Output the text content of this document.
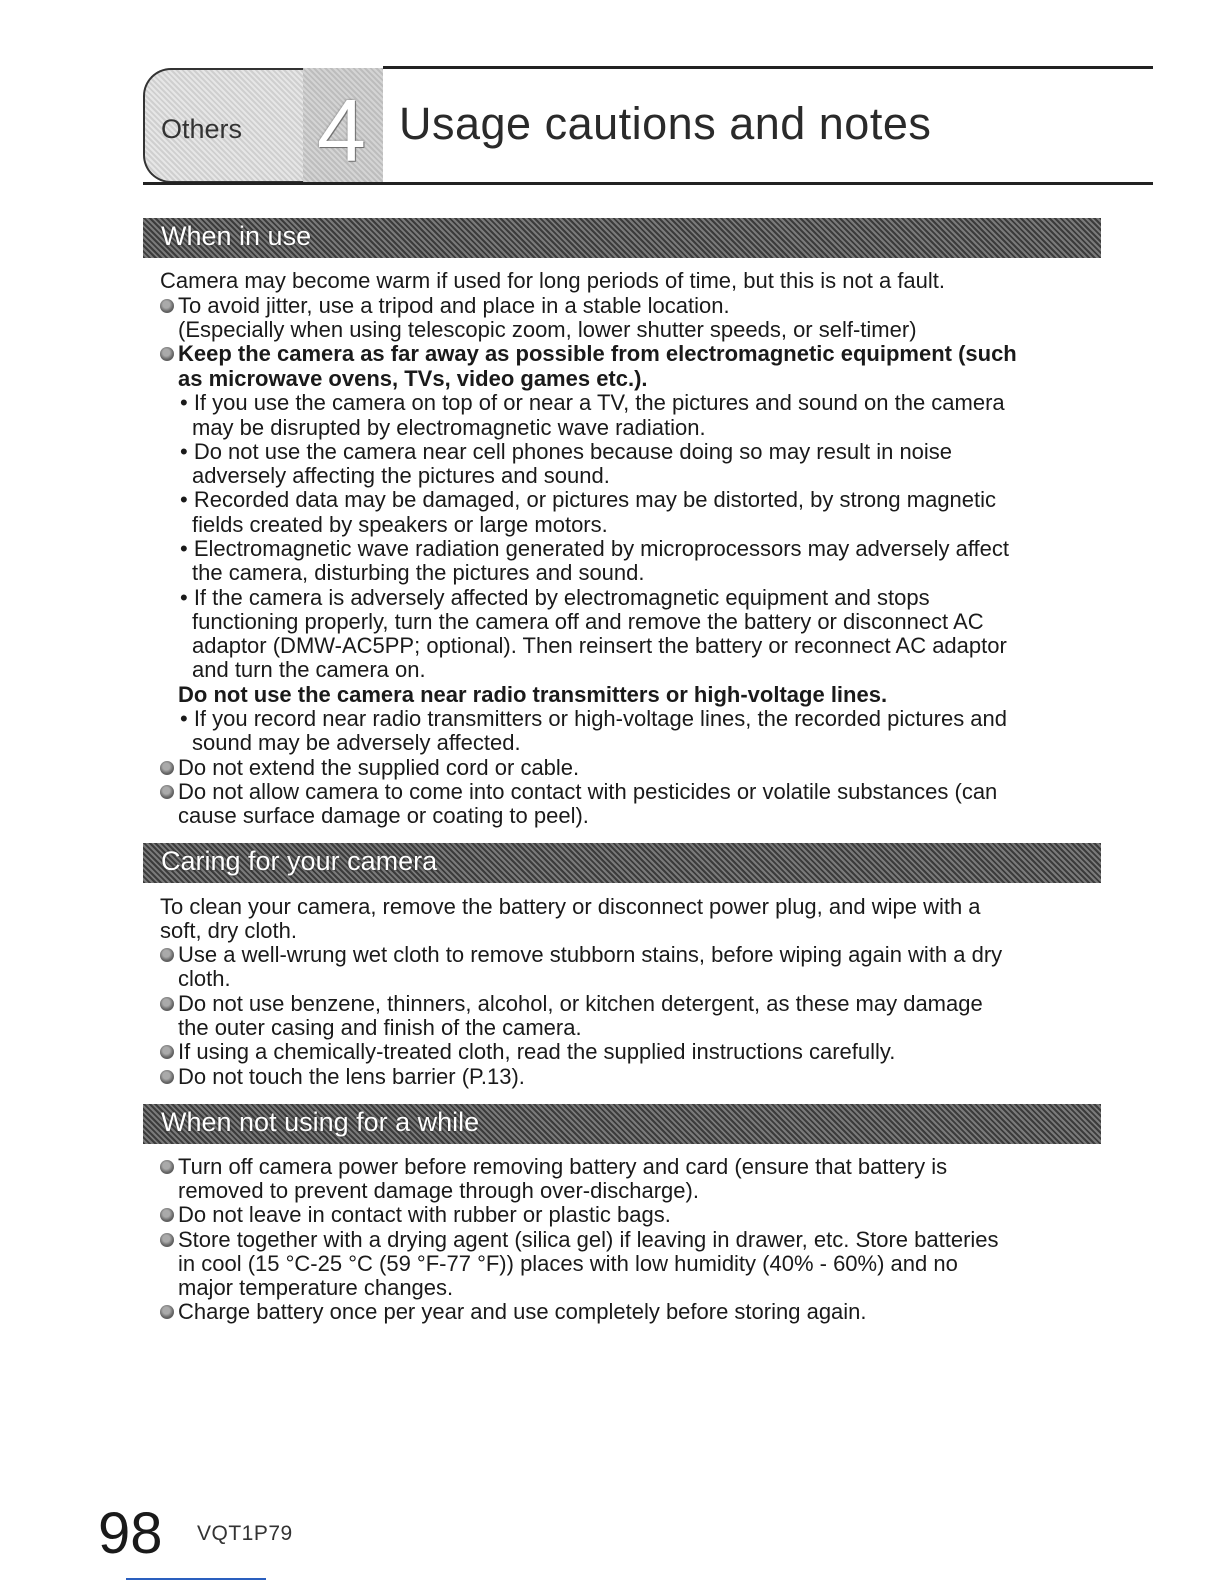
Others 4 Usage cautions and notes
When in use
Camera may become warm if used for long periods of time, but this is not a fault.
To avoid jitter, use a tripod and place in a stable location.
(Especially when using telescopic zoom, lower shutter speeds, or self-timer)
Keep the camera as far away as possible from electromagnetic equipment (such
as microwave ovens, TVs, video games etc.).
• If you use the camera on top of or near a TV, the pictures and sound on the camera
may be disrupted by electromagnetic wave radiation.
• Do not use the camera near cell phones because doing so may result in noise
adversely affecting the pictures and sound.
• Recorded data may be damaged, or pictures may be distorted, by strong magnetic
fields created by speakers or large motors.
• Electromagnetic wave radiation generated by microprocessors may adversely affect
the camera, disturbing the pictures and sound.
• If the camera is adversely affected by electromagnetic equipment and stops
functioning properly, turn the camera off and remove the battery or disconnect AC
adaptor (DMW-AC5PP; optional). Then reinsert the battery or reconnect AC adaptor
and turn the camera on.
Do not use the camera near radio transmitters or high-voltage lines.
• If you record near radio transmitters or high-voltage lines, the recorded pictures and
sound may be adversely affected.
Do not extend the supplied cord or cable.
Do not allow camera to come into contact with pesticides or volatile substances (can
cause surface damage or coating to peel).
Caring for your camera
To clean your camera, remove the battery or disconnect power plug, and wipe with a
soft, dry cloth.
Use a well-wrung wet cloth to remove stubborn stains, before wiping again with a dry
cloth.
Do not use benzene, thinners, alcohol, or kitchen detergent, as these may damage
the outer casing and finish of the camera.
If using a chemically-treated cloth, read the supplied instructions carefully.
Do not touch the lens barrier (P.13).
When not using for a while
Turn off camera power before removing battery and card (ensure that battery is
removed to prevent damage through over-discharge).
Do not leave in contact with rubber or plastic bags.
Store together with a drying agent (silica gel) if leaving in drawer, etc. Store batteries
in cool (15 °C-25 °C (59 °F-77 °F)) places with low humidity (40% - 60%) and no
major temperature changes.
Charge battery once per year and use completely before storing again.
98 VQT1P79
